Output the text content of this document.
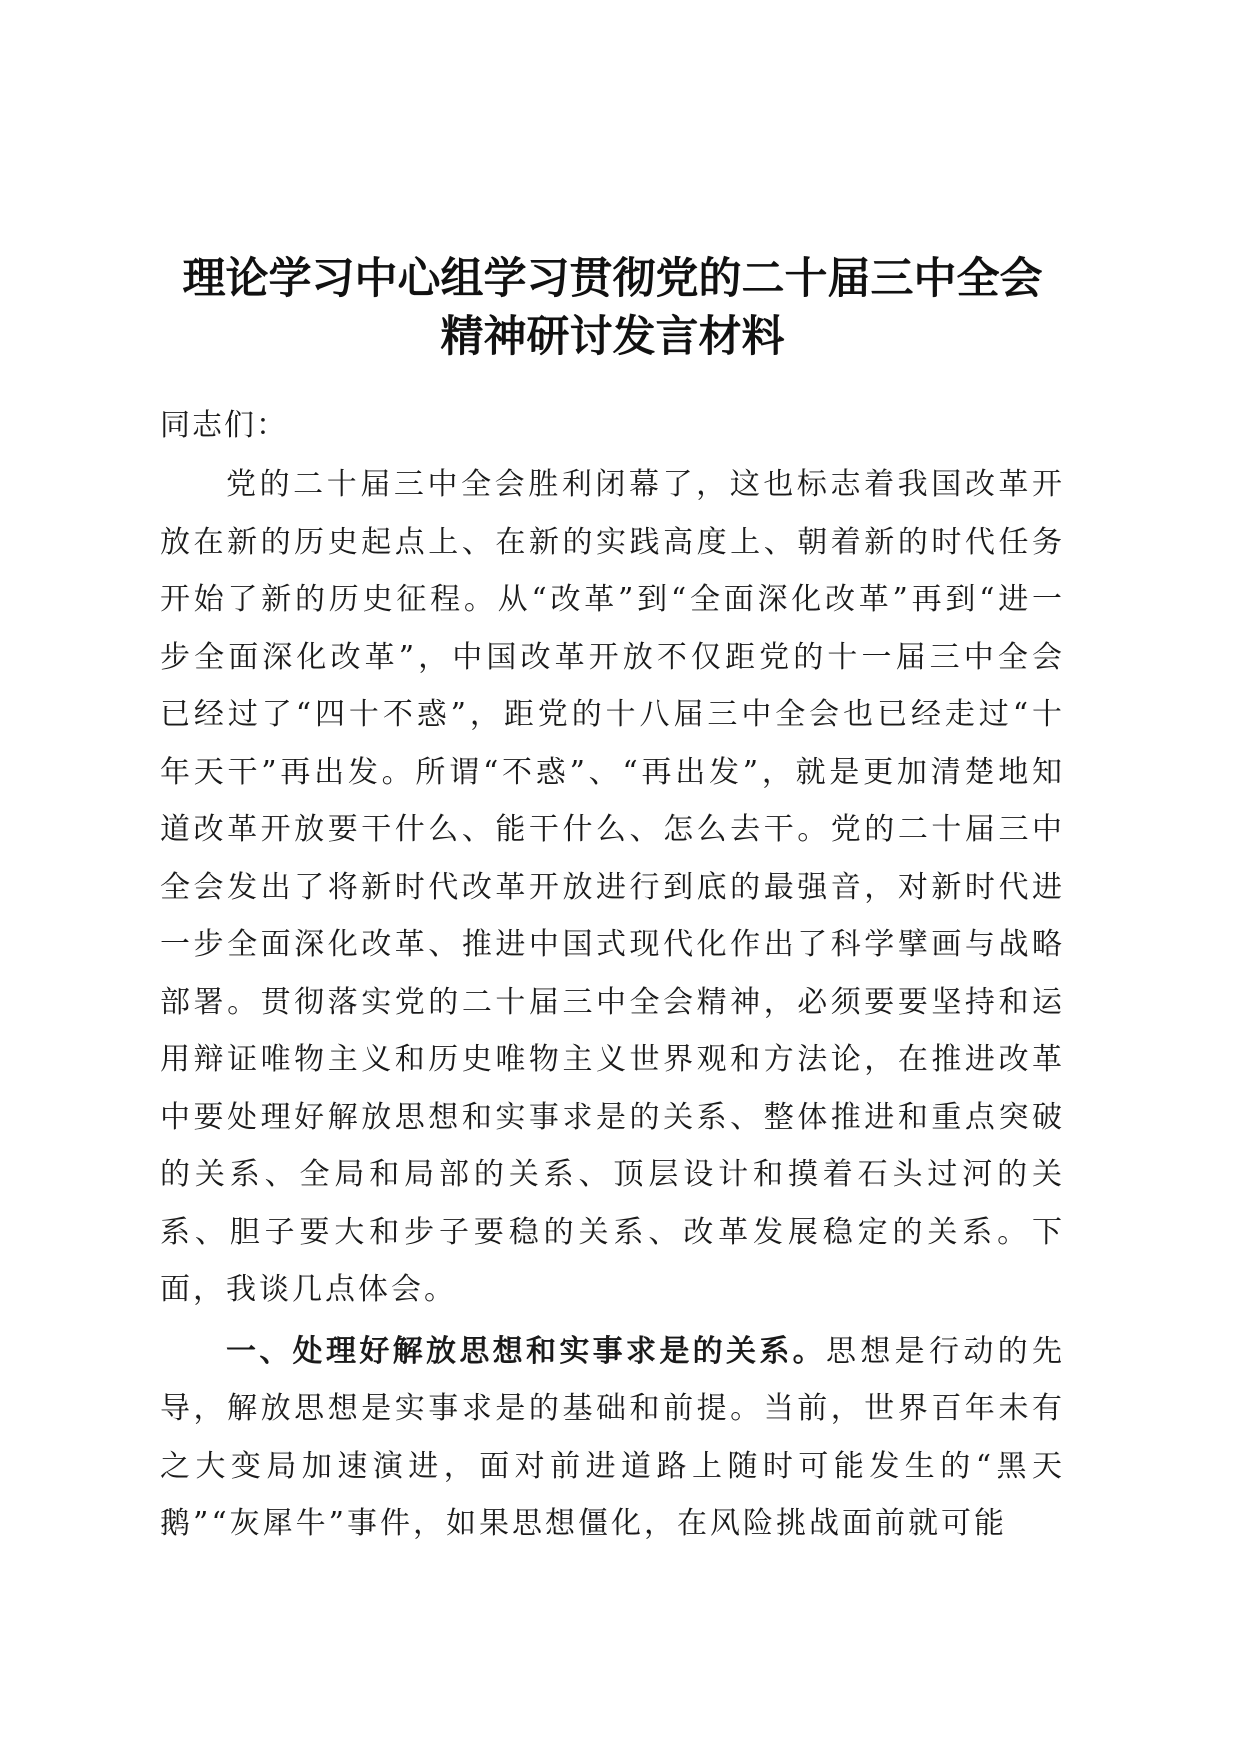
理论学习中心组学习贯彻党的二十届三中全会
精神研讨发言材料

同志们：

党的二十届三中全会胜利闭幕了，这也标志着我国改革开放在新的历史起点上、在新的实践高度上、朝着新的时代任务开始了新的历史征程。从“改革”到“全面深化改革”再到“进一步全面深化改革”，中国改革开放不仅距党的十一届三中全会已经过了“四十不惑”，距党的十八届三中全会也已经走过“十年天干”再出发。所谓“不惑”、“再出发”，就是更加清楚地知道改革开放要干什么、能干什么、怎么去干。党的二十届三中全会发出了将新时代改革开放进行到底的最强音，对新时代进一步全面深化改革、推进中国式现代化作出了科学擘画与战略部署。贯彻落实党的二十届三中全会精神，必须要要坚持和运用辩证唯物主义和历史唯物主义世界观和方法论，在推进改革中要处理好解放思想和实事求是的关系、整体推进和重点突破的关系、全局和局部的关系、顶层设计和摸着石头过河的关系、胆子要大和步子要稳的关系、改革发展稳定的关系。下面，我谈几点体会。

一、处理好解放思想和实事求是的关系。思想是行动的先导，解放思想是实事求是的基础和前提。当前，世界百年未有之大变局加速演进，面对前进道路上随时可能发生的“黑天鹅”“灰犀牛”事件，如果思想僵化，在风险挑战面前就可能
